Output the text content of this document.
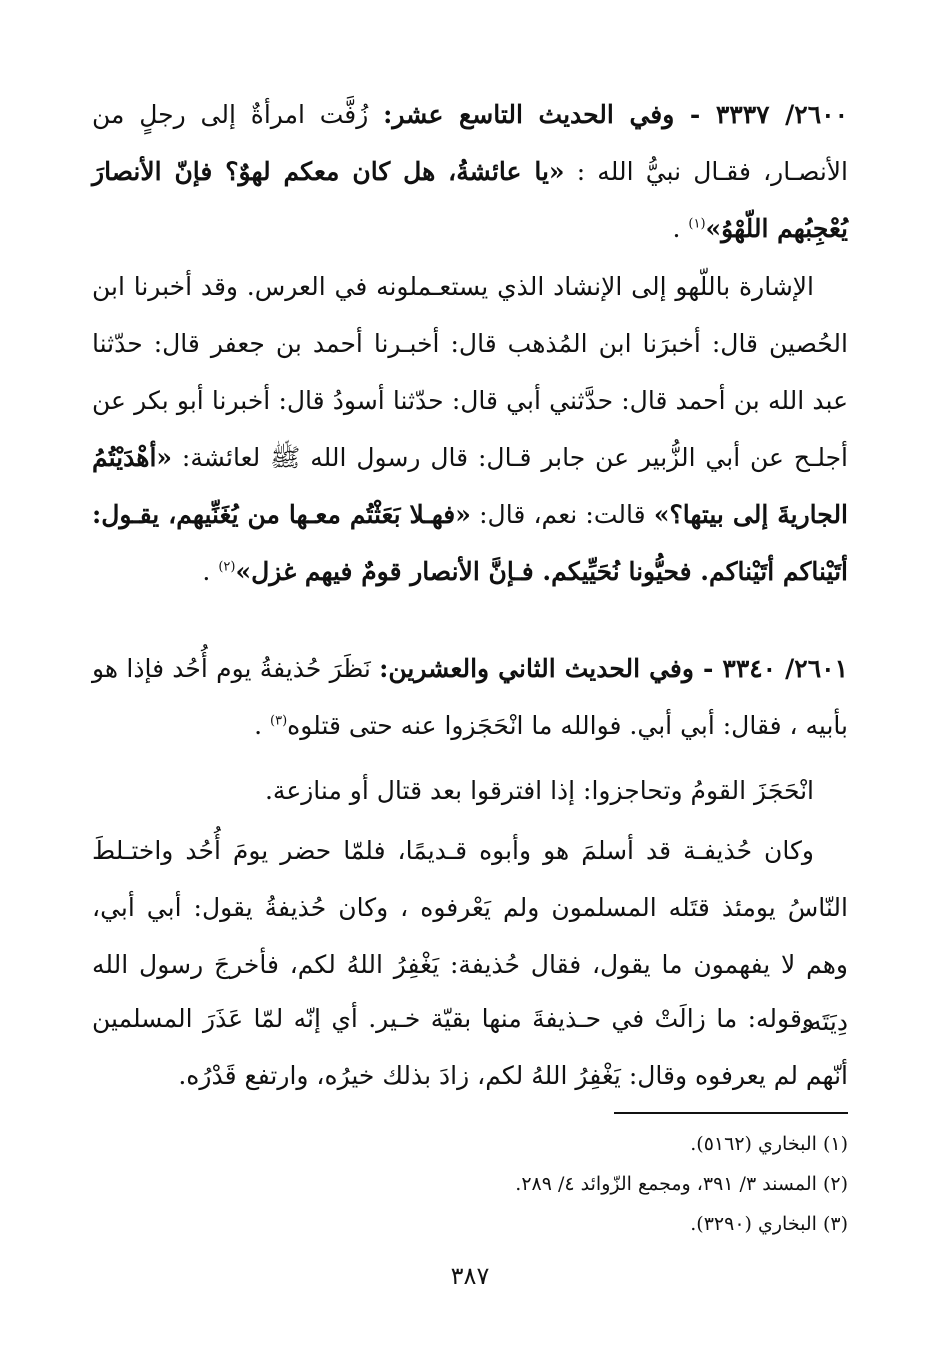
٢٦٠٠/ ٣٣٣٧ - وفي الحديث التاسع عشر: زُفَّت امرأةٌ إلى رجلٍ من الأنصـار، فقـال نبيُّ الله : «يا عائشةُ، هل كان معكم لهوٌ؟ فإنّ الأنصارَ يُعْجِبُهم اللّهْوُ»$^{(١)}$ .

الإشارة باللّهو إلى الإنشاد الذي يستعـملونه في العرس. وقد أخبرنا ابن الحُصين قال: أخبرَنا ابن المُذهب قال: أخبـرنا أحمد بن جعفر قال: حدّثنا عبد الله بن أحمد قال: حدَّثني أبي قال: حدّثنا أسودُ قال: أخبرنا أبو بكر عن أجلـح عن أبي الزُّبير عن جابر قـال: قال رسول الله ﷺ لعائشة: «أهْدَيْتُمُ الجاريةَ إلى بيتها؟» قالت: نعم، قال: «فهـلا بَعَثْتُم معـها من يُغَنِّيهم، يقـول: أتَيْناكم أتَيْناكم. فحيُّونا نُحَيِّيكم. فـإنَّ الأنصار قومٌ فيهم غزل»$^{(٢)}$ .

٢٦٠١/ ٣٣٤٠ - وفي الحديث الثاني والعشرين: نَظَرَ حُذيفةُ يوم أُحُد فإذا هو بأبيه ، فقال: أبي أبي. فوالله ما انْحَجَزوا عنه حتى قتلوه$^{(٣)}$ .

انْحَجَزَ القومُ وتحاجزوا: إذا افترقوا بعد قتال أو منازعة.

وكان حُذيفـة قد أسلمَ هو وأبوه قـديمًا، فلمّا حضر يومَ أُحُد واختـلطَ النّاسُ يومئذ قتَله المسلمون ولم يَعْرفوه ، وكان حُذيفةُ يقول: أبي أبي، وهم لا يفهمون ما يقول، فقال حُذيفة: يَغْفِرُ اللهُ لكم، فأخرجَ رسول الله دِيَتَه.

وقوله: ما زالَتْ في حـذيفةَ منها بقيّة خـير. أي إنّه لمّا عَذَرَ المسلمين أنّهم لم يعرفوه وقال: يَغْفِرُ اللهُ لكم، زادَ بذلك خيرُه، وارتفع قَدْرُه.

(١) البخاري (٥١٦٢).
(٢) المسند ٣/ ٣٩١، ومجمع الزّوائد ٤/ ٢٨٩.
(٣) البخاري (٣٢٩٠).
٣٨٧
